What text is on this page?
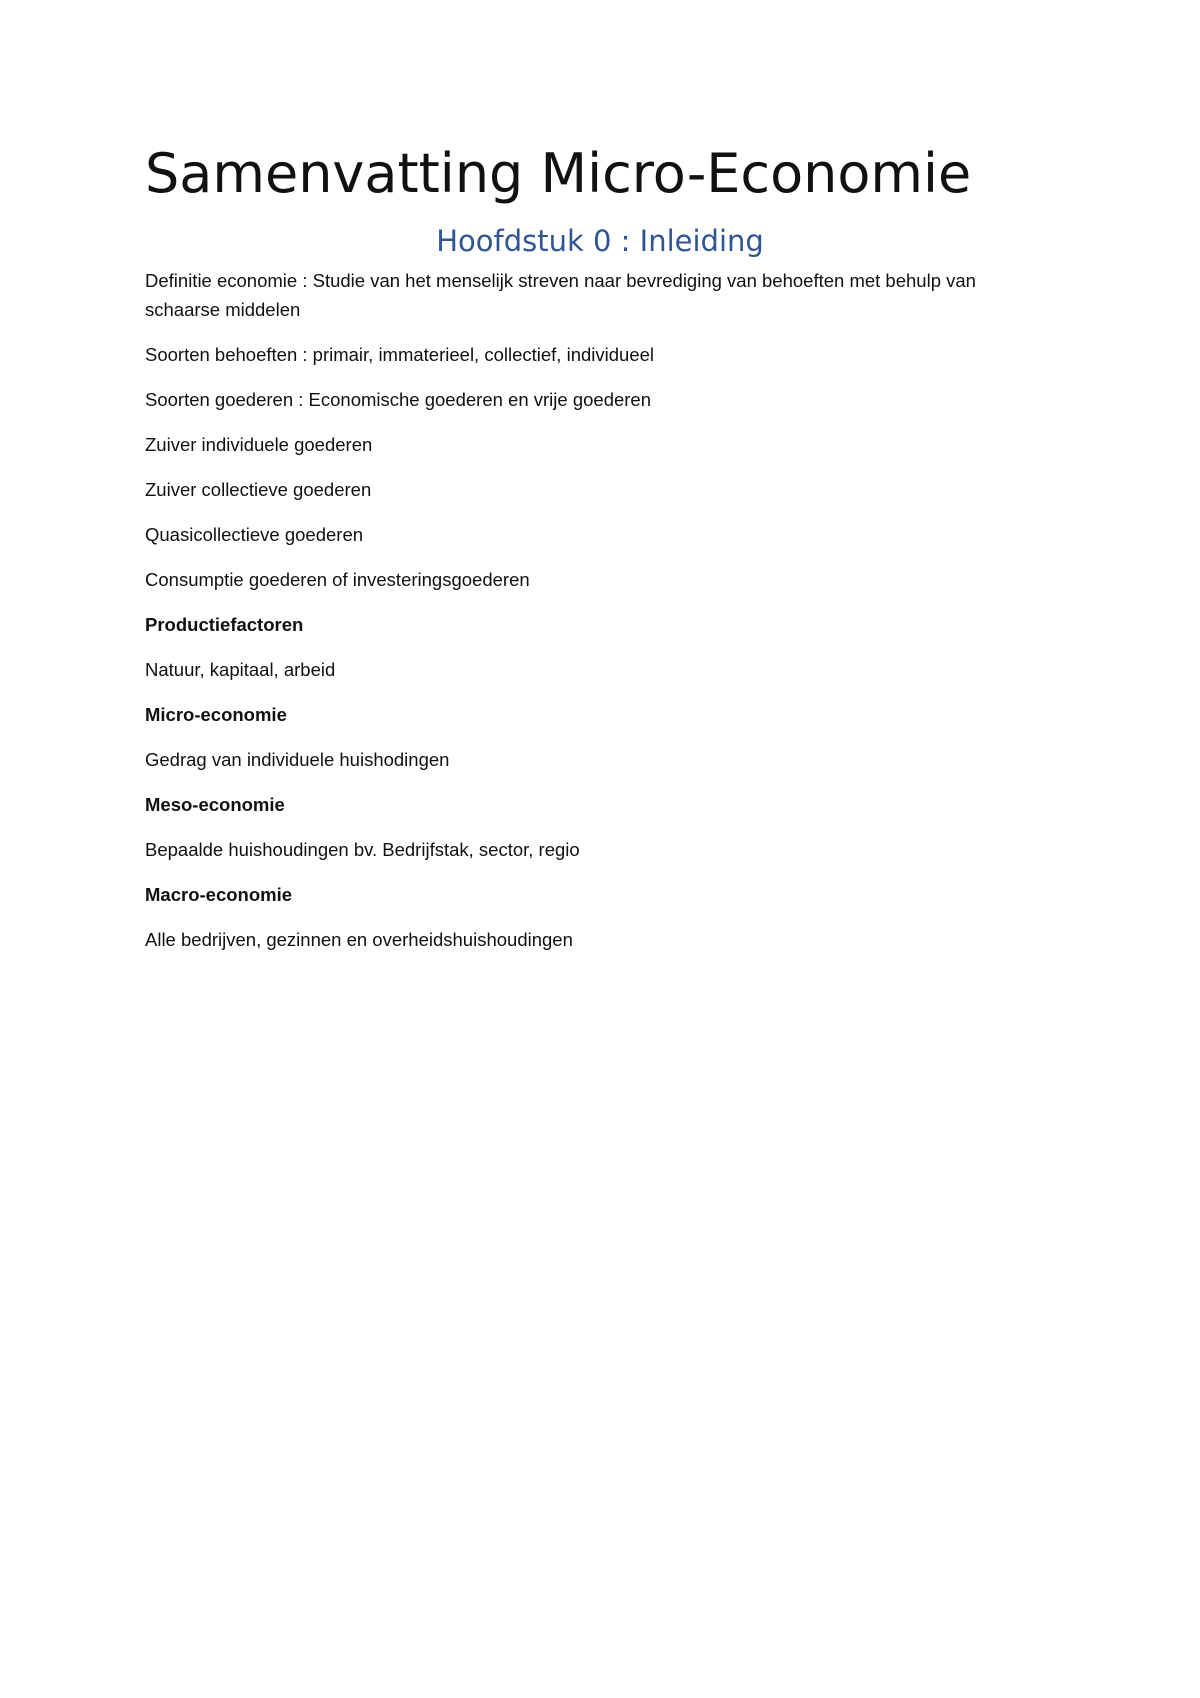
Samenvatting Micro-Economie
Hoofdstuk 0 : Inleiding

Definitie economie : Studie van het menselijk streven naar bevrediging van behoeften met behulp van schaarse middelen

Soorten behoeften : primair, immaterieel, collectief, individueel

Soorten goederen : Economische goederen en vrije goederen

Zuiver individuele goederen

Zuiver collectieve goederen

Quasicollectieve goederen

Consumptie goederen of investeringsgoederen

Productiefactoren

Natuur, kapitaal, arbeid

Micro-economie

Gedrag van individuele huishodingen

Meso-economie

Bepaalde huishoudingen bv. Bedrijfstak, sector, regio

Macro-economie

Alle bedrijven, gezinnen en overheidshuishoudingen
